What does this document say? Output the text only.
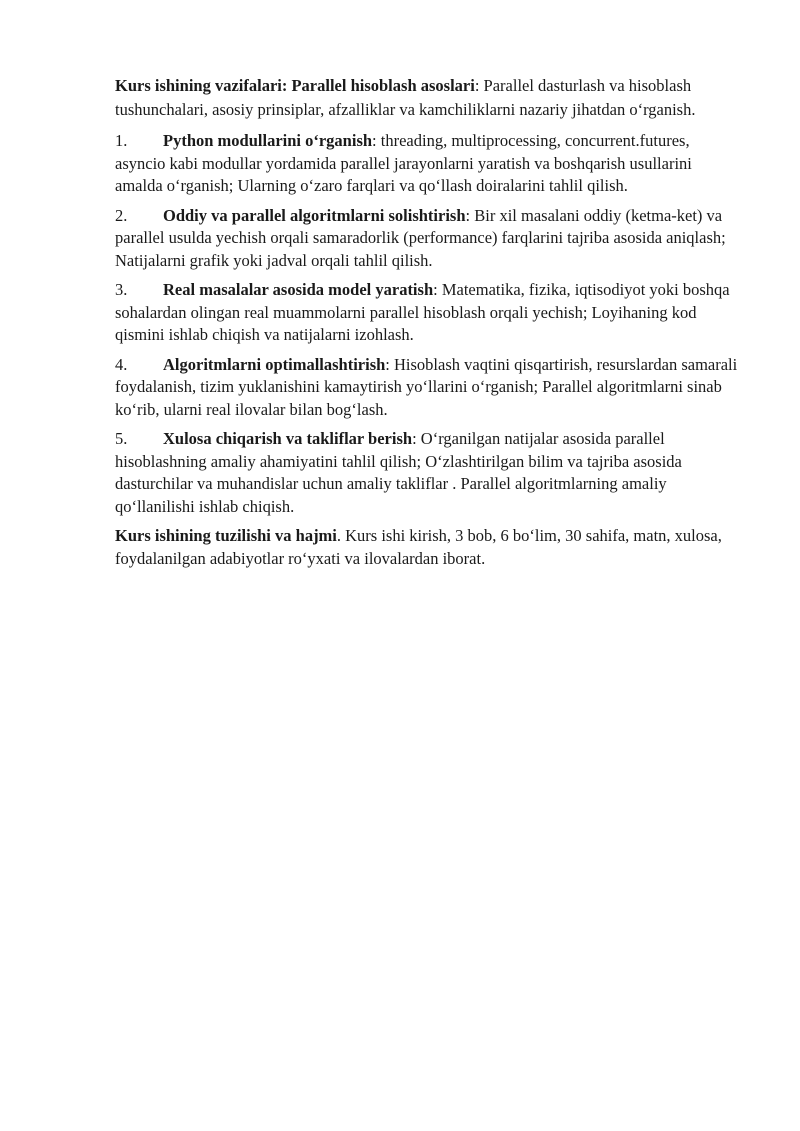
Kurs ishining vazifalari: Parallel hisoblash asoslari: Parallel dasturlash va hisoblash tushunchalari, asosiy prinsiplar, afzalliklar va kamchiliklarni nazariy jihatdan o‘rganish.

1. Python modullarini o‘rganish: threading, multiprocessing, concurrent.futures, asyncio kabi modullar yordamida parallel jarayonlarni yaratish va boshqarish usullarini amalda o‘rganish; Ularning o‘zaro farqlari va qo‘llash doiralarini tahlil qilish.
2. Oddiy va parallel algoritmlarni solishtirish: Bir xil masalani oddiy (ketma-ket) va parallel usulda yechish orqali samaradorlik (performance) farqlarini tajriba asosida aniqlash; Natijalarni grafik yoki jadval orqali tahlil qilish.
3. Real masalalar asosida model yaratish: Matematika, fizika, iqtisodiyot yoki boshqa sohalardan olingan real muammolarni parallel hisoblash orqali yechish; Loyihaning kod qismini ishlab chiqish va natijalarni izohlash.
4. Algoritmlarni optimallashtirish: Hisoblash vaqtini qisqartirish, resurslardan samarali foydalanish, tizim yuklanishini kamaytirish yo‘llarini o‘rganish; Parallel algoritmlarni sinab ko‘rib, ularni real ilovalar bilan bog‘lash.
5. Xulosa chiqarish va takliflar berish: O‘rganilgan natijalar asosida parallel hisoblashning amaliy ahamiyatini tahlil qilish; O‘zlashtirilgan bilim va tajriba asosida dasturchilar va muhandislar uchun amaliy takliflar . Parallel algoritmlarning amaliy qo‘llanilishi ishlab chiqish.

Kurs ishining tuzilishi va hajmi. Kurs ishi kirish, 3 bob, 6 bo‘lim, 30 sahifa, matn, xulosa, foydalanilgan adabiyotlar ro‘yxati va ilovalardan iborat.
